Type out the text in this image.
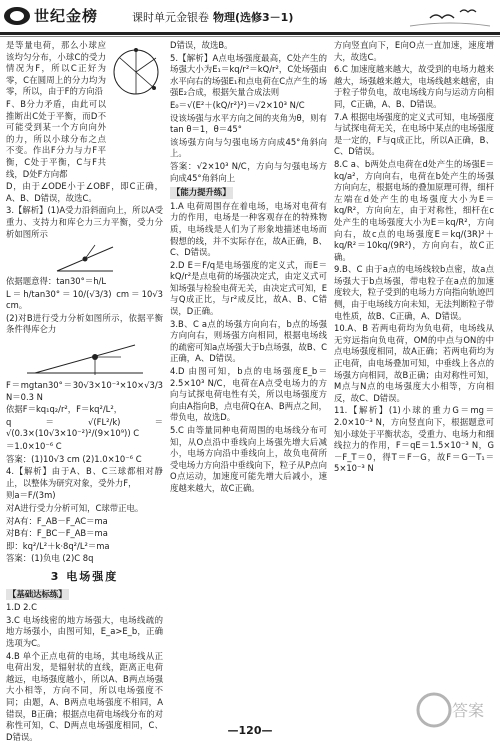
世纪金榜	课时单元金银卷 物理(选修3－1)

是等量电荷，那么小球应该均匀分布，小球C的受力情况为F，所以C正好为零，C在圆周上的分力均为零，所以，由于F的方向沿

F、B分力矛盾，由此可以推断出C处于平衡，而D不可能受到某一个方向向外的力，所以小球分布之点不变。作出F分力与力F平衡，C处于平衡，C与F共线，D处F方向都

D，由于∠ODE小于∠OBF，即C正确，A、B、D错误，故选C。

3.【解析】(1)A受力沿斜面向上，所以A受重力、支持力和库仑力三力平衡，受力分析如图所示

依据题意得：tan30°＝h/L

L＝h/tan30°＝10/(√3/3) cm＝10√3 cm。

(2)对B进行受力分析如图所示，依据平衡条件得库仑力

F＝mgtan30°＝30√3×10⁻³×10×√3/3 N＝0.3 N

依据F＝kq₁q₂/r²，F＝kq²/L²，

q＝√(FL²/k)＝√(0.3×(10√3×10⁻²)²/(9×10⁹)) C

＝1.0×10⁻⁶ C

答案：(1)10√3 cm (2)1.0×10⁻⁶ C

4.【解析】由于A、B、C三球都相对静止，以整体为研究对象，受外力F，

则a＝F/(3m)

对A进行受力分析可知，C球带正电。

对A有：F_AB－F_AC＝ma

对B有：F_BC－F_AB＝ma

即：kq²/L²＋k·8q²/L²＝ma

答案：(1)负电 (2)C 8q

3 电场强度
【基础达标练】

1.D 2.C

3.C 电场线密的地方场强大，电场线疏的地方场强小，由图可知，E_a>E_b，正确选项为C。

4.B 单个正点电荷的电场，其电场线从正电荷出发，是辐射状的直线，距离正电荷越远，电场强度越小，所以A、B两点场强大小相等，方向不同，所以电场强度不同；由题，A、B两点电场强度不相同，A错误，B正确；根据点电荷电场线分布的对称性可知，C、D两点电场强度相同，C、D错误。

D错误，故选B。

5.【解析】A点电场强度最高，C处产生的场强大小为E₁＝kq/r²＝kQ/r²，C处场强由水平向右的场强E₁和点电荷在C点产生的场强E₂合成，根据矢量合成法则

E₀＝√(E²＋(kQ/r²)²)＝√2×10³ N/C

设该场强与水平方向之间的夹角为θ，则有tan θ＝1，θ＝45°

该场强方向与匀强电场方向成45°角斜向上。

答案：√2×10³ N/C，方向与匀强电场方向成45°角斜向上

【能力提升练】

1.A 电荷周围存在着电场，电场对电荷有力的作用，电场是一种客观存在的特殊物质，电场线是人们为了形象地描述电场而假想的线，并不实际存在，故A正确，B、C、D错误。

2.D E＝F/q是电场强度的定义式，而E＝kQ/r²是点电荷的场强决定式，由定义式可知场强与检验电荷无关，由决定式可知，E与Q成正比，与r²成反比，故A、B、C错误，D正确。

3.B、C a点的场强方向向右，b点的场强方向向右，则场强方向相同，根据电场线的疏密可知a点场强大于b点场强，故B、C正确，A、D错误。

4.D 由图可知，b点的电场强度E_b＝2.5×10³ N/C，电荷在A点受电场力的方向与试探电荷电性有关，所以电场强度方向由A指向B，点电荷Q在A、B两点之间，带负电，故选D。

5.C 由等量同种电荷周围的电场线分布可知，从O点沿中垂线向上场强先增大后减小，电场方向沿中垂线向上，故负电荷所受电场力方向沿中垂线向下，粒子从P点向O点运动，加速度可能先增大后减小，速度越来越大，故C正确。

方向竖直向下，E向O点一直加速，速度增大，故选C。

6.C 加速度越来越大，故受到的电场力越来越大，场强越来越大，电场线越来越密，由于粒子带负电，故电场线方向与运动方向相同，C正确，A、B、D错误。

7.A 根据电场强度的定义式可知，电场强度与试探电荷无关，在电场中某点的电场强度是一定的，F与q成正比，所以A正确，B、C、D错误。

8.C a、b两处点电荷在d处产生的场强E＝kq/a²，方向向右，电荷在b处产生的场强方向向左，根据电场的叠加原理可得，细杆左端在d处产生的电场强度大小为E＝kq/R²，方向向左，由于对称性，细杆在c处产生的电场强度大小为E＝kq/R²，方向向右，故c点的电场强度E＝kq/(3R)²＋kq/R²＝10kq/(9R²)，方向向右，故C正确。

9.B、C 由于a点的电场线较b点密，故a点场强大于b点场强，带电粒子在a点的加速度较大，粒子受到的电场力方向指向轨迹凹侧，由于电场线方向未知，无法判断粒子带电性质，故B、C正确，A、D错误。

10.A、B 若两电荷均为负电荷，电场线从无穷远指向负电荷，OM的中点与ON的中点电场强度相同，故A正确；若两电荷均为正电荷，由电场叠加可知，中垂线上各点的场强方向相同，故B正确；由对称性可知，M点与N点的电场强度大小相等，方向相反，故C、D错误。

11.【解析】(1)小球的重力G＝mg＝2.0×10⁻³ N，方向竖直向下，根据题意可知小球处于平衡状态，受重力、电场力和细线拉力的作用，F＝qE＝1.5×10⁻³ N，G－F_T＝0，得T＝F－G，故F＝G－T₁＝5×10⁻³ N

—120—
答案
